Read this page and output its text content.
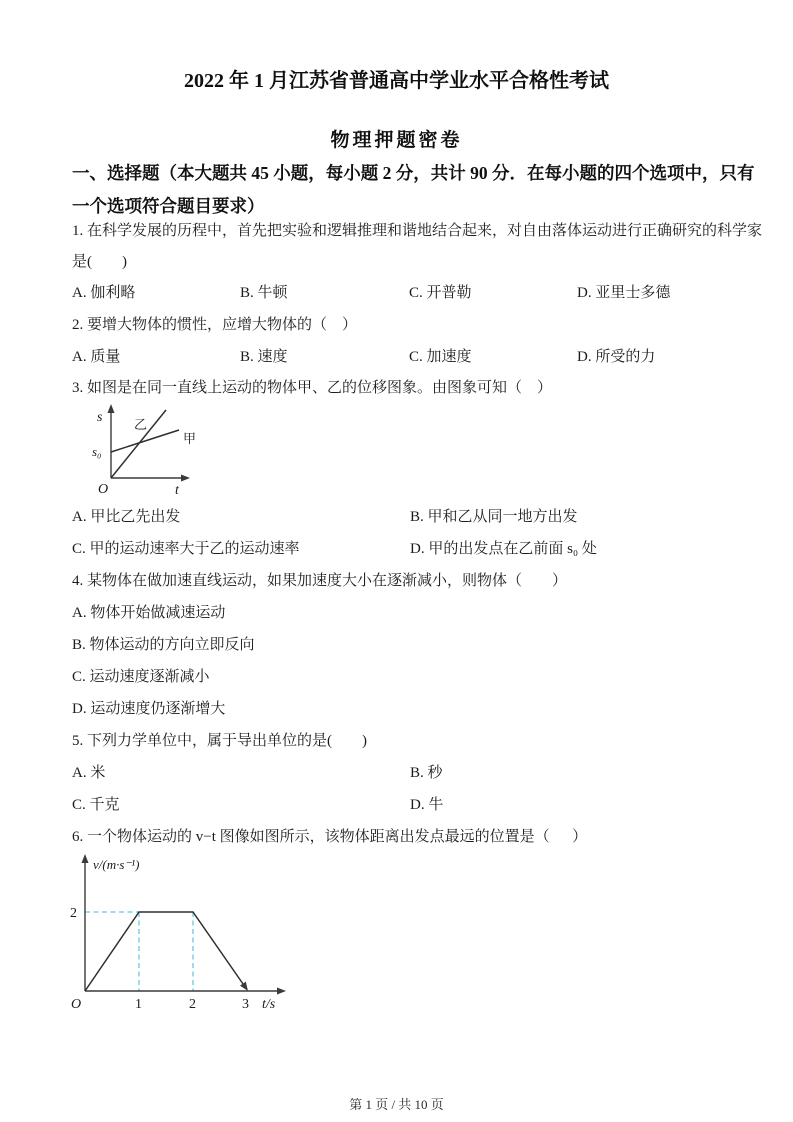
2022 年 1 月江苏省普通高中学业水平合格性考试
物理押题密卷
一、选择题（本大题共 45 小题，每小题 2 分，共计 90 分．在每小题的四个选项中，只有一个选项符合题目要求）
1. 在科学发展的历程中，首先把实验和逻辑推理和谐地结合起来，对自由落体运动进行正确研究的科学家
是(        )
A. 伽利略	B. 牛顿	C. 开普勒	D. 亚里士多德
2. 要增大物体的惯性，应增大物体的（    ）
A. 质量	B. 速度	C. 加速度	D. 所受的力
3. 如图是在同一直线上运动的物体甲、乙的位移图象。由图象可知（    ）
s
s₀
O	t
乙
甲
A. 甲比乙先出发	B. 甲和乙从同一地方出发
C. 甲的运动速率大于乙的运动速率	D. 甲的出发点在乙前面 s₀ 处
4. 某物体在做加速直线运动，如果加速度大小在逐渐减小，则物体（        ）
A. 物体开始做减速运动
B. 物体运动的方向立即反向
C. 运动速度逐渐减小
D. 运动速度仍逐渐增大
5. 下列力学单位中，属于导出单位的是(        )
A. 米	B. 秒
C. 千克	D. 牛
6. 一个物体运动的 v−t 图像如图所示，该物体距离出发点最远的位置是（      ）
v/(m·s⁻¹)
2
O	1	2	3 t/s
第 1 页 / 共 10 页
